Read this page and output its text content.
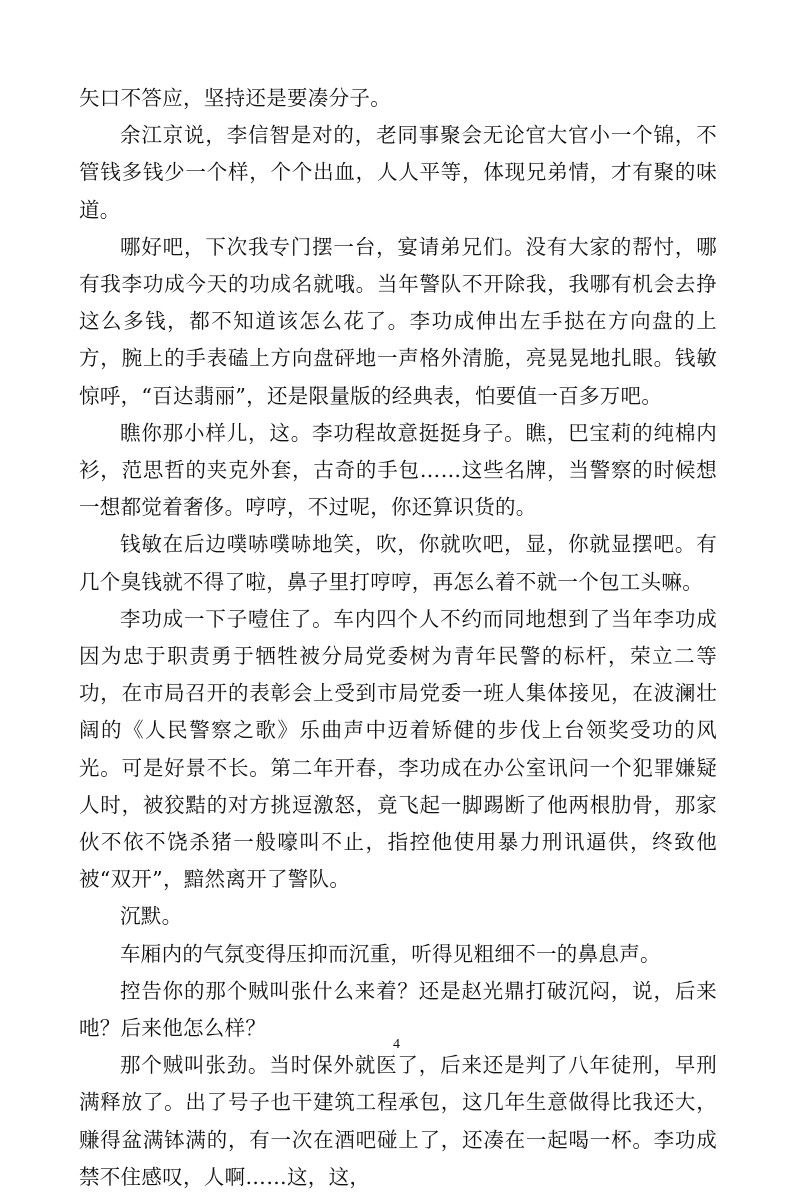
矢口不答应，坚持还是要凑分子。

余江京说，李信智是对的，老同事聚会无论官大官小一个锦，不管钱多钱少一个样，个个出血，人人平等，体现兄弟情，才有聚的味道。

哪好吧，下次我专门摆一台，宴请弟兄们。没有大家的帮忖，哪有我李功成今天的功成名就哦。当年警队不开除我，我哪有机会去挣这么多钱，都不知道该怎么花了。李功成伸出左手挞在方向盘的上方，腕上的手表磕上方向盘砰地一声格外清脆，亮晃晃地扎眼。钱敏惊呼，“百达翡丽”，还是限量版的经典表，怕要值一百多万吧。

瞧你那小样儿，这。李功程故意挺挺身子。瞧，巴宝莉的纯棉内衫，范思哲的夹克外套，古奇的手包……这些名牌，当警察的时候想一想都觉着奢侈。哼哼，不过呢，你还算识货的。

钱敏在后边噗哧噗哧地笑，吹，你就吹吧，显，你就显摆吧。有几个臭钱就不得了啦，鼻子里打哼哼，再怎么着不就一个包工头嘛。

李功成一下子噎住了。车内四个人不约而同地想到了当年李功成因为忠于职责勇于牺牲被分局党委树为青年民警的标杆，荣立二等功，在市局召开的表彰会上受到市局党委一班人集体接见，在波澜壮阔的《人民警察之歌》乐曲声中迈着矫健的步伐上台领奖受功的风光。可是好景不长。第二年开春，李功成在办公室讯问一个犯罪嫌疑人时，被狡黠的对方挑逗激怒，竟飞起一脚踢断了他两根肋骨，那家伙不依不饶杀猪一般嚎叫不止，指控他使用暴力刑讯逼供，终致他被“双开”，黯然离开了警队。

沉默。

车厢内的气氛变得压抑而沉重，听得见粗细不一的鼻息声。

控告你的那个贼叫张什么来着？还是赵光鼎打破沉闷，说，后来吔？后来他怎么样？

那个贼叫张劲。当时保外就医了，后来还是判了八年徒刑，早刑满释放了。出了号子也干建筑工程承包，这几年生意做得比我还大，赚得盆满钵满的，有一次在酒吧碰上了，还凑在一起喝一杯。李功成禁不住感叹，人啊……这，这，

4
